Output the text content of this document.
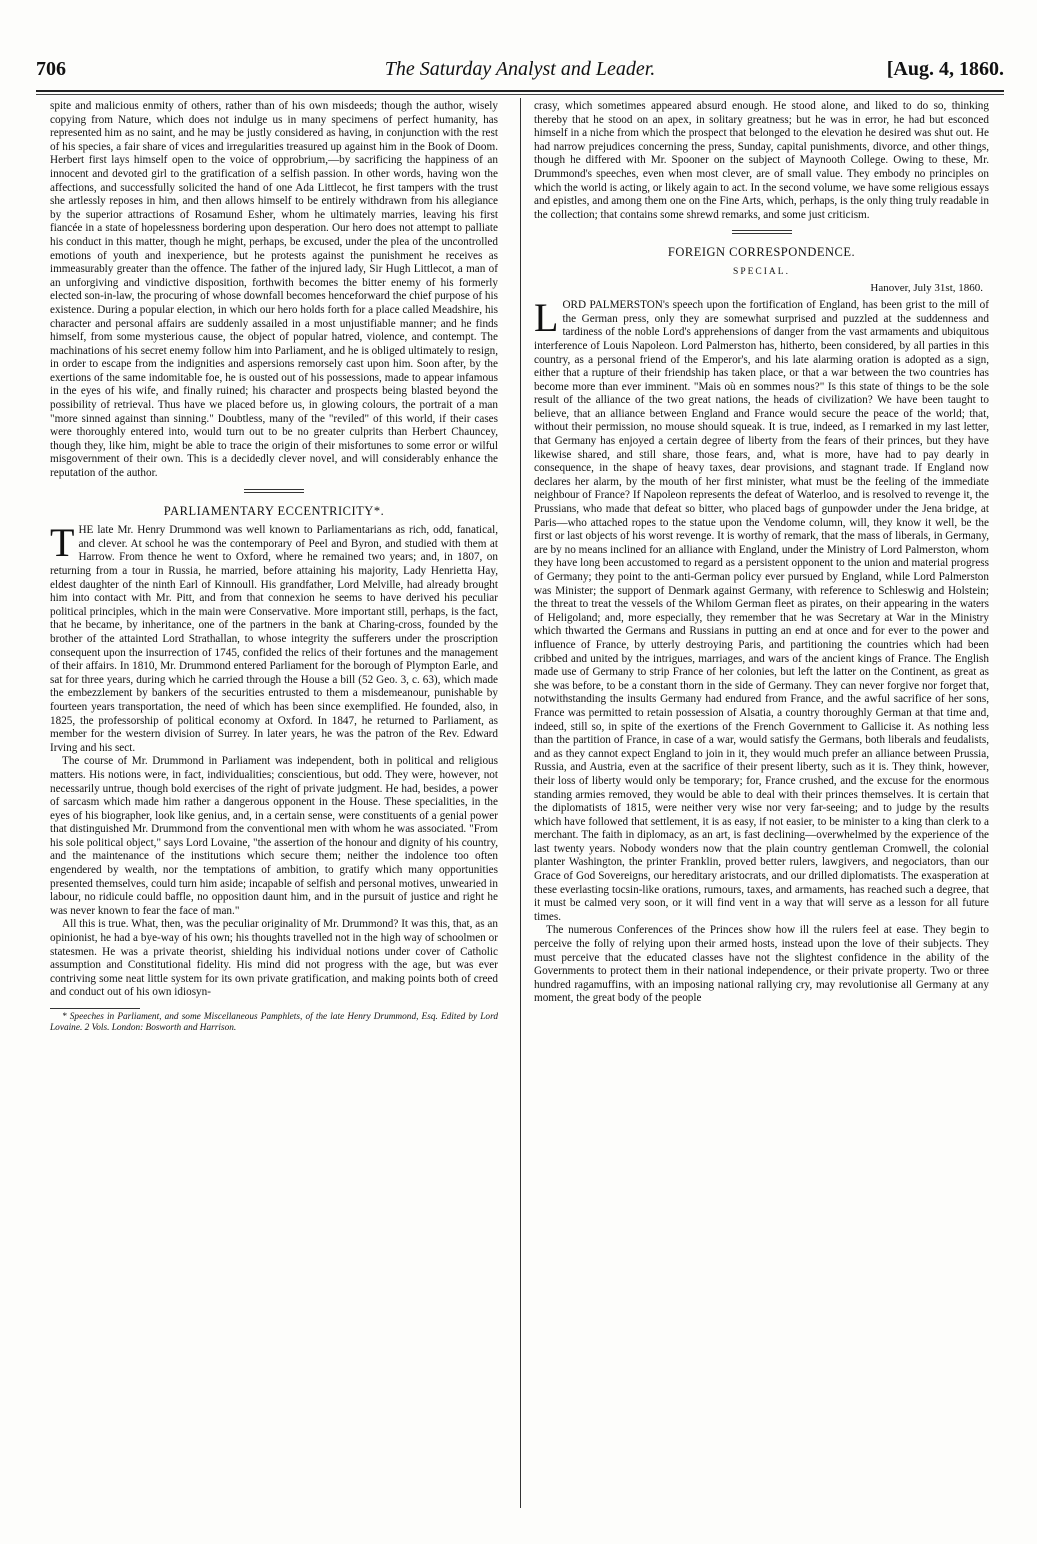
706	The Saturday Analyst and Leader.	[Aug. 4, 1860.

spite and malicious enmity of others, rather than of his own misdeeds; though the author, wisely copying from Nature, which does not indulge us in many specimens of perfect humanity, has represented him as no saint, and he may be justly considered as having, in conjunction with the rest of his species, a fair share of vices and irregularities treasured up against him in the Book of Doom. Herbert first lays himself open to the voice of opprobrium,—by sacrificing the happiness of an innocent and devoted girl to the gratification of a selfish passion. In other words, having won the affections, and successfully solicited the hand of one Ada Littlecot, he first tampers with the trust she artlessly reposes in him, and then allows himself to be entirely withdrawn from his allegiance by the superior attractions of Rosamund Esher, whom he ultimately marries, leaving his first fiancée in a state of hopelessness bordering upon desperation. Our hero does not attempt to palliate his conduct in this matter, though he might, perhaps, be excused, under the plea of the uncontrolled emotions of youth and inexperience, but he protests against the punishment he receives as immeasurably greater than the offence. The father of the injured lady, Sir Hugh Littlecot, a man of an unforgiving and vindictive disposition, forthwith becomes the bitter enemy of his formerly elected son-in-law, the procuring of whose downfall becomes henceforward the chief purpose of his existence. During a popular election, in which our hero holds forth for a place called Meadshire, his character and personal affairs are suddenly assailed in a most unjustifiable manner; and he finds himself, from some mysterious cause, the object of popular hatred, violence, and contempt. The machinations of his secret enemy follow him into Parliament, and he is obliged ultimately to resign, in order to escape from the indignities and aspersions remorsely cast upon him. Soon after, by the exertions of the same indomitable foe, he is ousted out of his possessions, made to appear infamous in the eyes of his wife, and finally ruined; his character and prospects being blasted beyond the possibility of retrieval. Thus have we placed before us, in glowing colours, the portrait of a man "more sinned against than sinning." Doubtless, many of the "reviled" of this world, if their cases were thoroughly entered into, would turn out to be no greater culprits than Herbert Chauncey, though they, like him, might be able to trace the origin of their misfortunes to some error or wilful misgovernment of their own. This is a decidedly clever novel, and will considerably enhance the reputation of the author.

PARLIAMENTARY ECCENTRICITY*.

THE late Mr. Henry Drummond was well known to Parliamentarians as rich, odd, fanatical, and clever. At school he was the contemporary of Peel and Byron, and studied with them at Harrow. From thence he went to Oxford, where he remained two years; and, in 1807, on returning from a tour in Russia, he married, before attaining his majority, Lady Henrietta Hay, eldest daughter of the ninth Earl of Kinnoull. His grandfather, Lord Melville, had already brought him into contact with Mr. Pitt, and from that connexion he seems to have derived his peculiar political principles, which in the main were Conservative. More important still, perhaps, is the fact, that he became, by inheritance, one of the partners in the bank at Charing-cross, founded by the brother of the attainted Lord Strathallan, to whose integrity the sufferers under the proscription consequent upon the insurrection of 1745, confided the relics of their fortunes and the management of their affairs. In 1810, Mr. Drummond entered Parliament for the borough of Plympton Earle, and sat for three years, during which he carried through the House a bill (52 Geo. 3, c. 63), which made the embezzlement by bankers of the securities entrusted to them a misdemeanour, punishable by fourteen years transportation, the need of which has been since exemplified. He founded, also, in 1825, the professorship of political economy at Oxford. In 1847, he returned to Parliament, as member for the western division of Surrey. In later years, he was the patron of the Rev. Edward Irving and his sect.

The course of Mr. Drummond in Parliament was independent, both in political and religious matters. His notions were, in fact, individualities; conscientious, but odd. They were, however, not necessarily untrue, though bold exercises of the right of private judgment. He had, besides, a power of sarcasm which made him rather a dangerous opponent in the House. These specialities, in the eyes of his biographer, look like genius, and, in a certain sense, were constituents of a genial power that distinguished Mr. Drummond from the conventional men with whom he was associated. "From his sole political object," says Lord Lovaine, "the assertion of the honour and dignity of his country, and the maintenance of the institutions which secure them; neither the indolence too often engendered by wealth, nor the temptations of ambition, to gratify which many opportunities presented themselves, could turn him aside; incapable of selfish and personal motives, unwearied in labour, no ridicule could baffle, no opposition daunt him, and in the pursuit of justice and right he was never known to fear the face of man."

All this is true. What, then, was the peculiar originality of Mr. Drummond? It was this, that, as an opinionist, he had a bye-way of his own; his thoughts travelled not in the high way of schoolmen or statesmen. He was a private theorist, shielding his individual notions under cover of Catholic assumption and Constitutional fidelity. His mind did not progress with the age, but was ever contriving some neat little system for its own private gratification, and making points both of creed and conduct out of his own idiosyn-

* Speeches in Parliament, and some Miscellaneous Pamphlets, of the late Henry Drummond, Esq. Edited by Lord Lovaine. 2 Vols. London: Bosworth and Harrison.

crasy, which sometimes appeared absurd enough. He stood alone, and liked to do so, thinking thereby that he stood on an apex, in solitary greatness; but he was in error, he had but esconced himself in a niche from which the prospect that belonged to the elevation he desired was shut out. He had narrow prejudices concerning the press, Sunday, capital punishments, divorce, and other things, though he differed with Mr. Spooner on the subject of Maynooth College. Owing to these, Mr. Drummond's speeches, even when most clever, are of small value. They embody no principles on which the world is acting, or likely again to act. In the second volume, we have some religious essays and epistles, and among them one on the Fine Arts, which, perhaps, is the only thing truly readable in the collection; that contains some shrewd remarks, and some just criticism.

FOREIGN CORRESPONDENCE.
SPECIAL.
Hanover, July 31st, 1860.

LORD PALMERSTON's speech upon the fortification of England, has been grist to the mill of the German press, only they are somewhat surprised and puzzled at the suddenness and tardiness of the noble Lord's apprehensions of danger from the vast armaments and ubiquitous interference of Louis Napoleon. Lord Palmerston has, hitherto, been considered, by all parties in this country, as a personal friend of the Emperor's, and his late alarming oration is adopted as a sign, either that a rupture of their friendship has taken place, or that a war between the two countries has become more than ever imminent. "Mais où en sommes nous?" Is this state of things to be the sole result of the alliance of the two great nations, the heads of civilization? We have been taught to believe, that an alliance between England and France would secure the peace of the world; that, without their permission, no mouse should squeak. It is true, indeed, as I remarked in my last letter, that Germany has enjoyed a certain degree of liberty from the fears of their princes, but they have likewise shared, and still share, those fears, and, what is more, have had to pay dearly in consequence, in the shape of heavy taxes, dear provisions, and stagnant trade. If England now declares her alarm, by the mouth of her first minister, what must be the feeling of the immediate neighbour of France? If Napoleon represents the defeat of Waterloo, and is resolved to revenge it, the Prussians, who made that defeat so bitter, who placed bags of gunpowder under the Jena bridge, at Paris—who attached ropes to the statue upon the Vendome column, will, they know it well, be the first or last objects of his worst revenge. It is worthy of remark, that the mass of liberals, in Germany, are by no means inclined for an alliance with England, under the Ministry of Lord Palmerston, whom they have long been accustomed to regard as a persistent opponent to the union and material progress of Germany; they point to the anti-German policy ever pursued by England, while Lord Palmerston was Minister; the support of Denmark against Germany, with reference to Schleswig and Holstein; the threat to treat the vessels of the Whilom German fleet as pirates, on their appearing in the waters of Heligoland; and, more especially, they remember that he was Secretary at War in the Ministry which thwarted the Germans and Russians in putting an end at once and for ever to the power and influence of France, by utterly destroying Paris, and partitioning the countries which had been cribbed and united by the intrigues, marriages, and wars of the ancient kings of France. The English made use of Germany to strip France of her colonies, but left the latter on the Continent, as great as she was before, to be a constant thorn in the side of Germany. They can never forgive nor forget that, notwithstanding the insults Germany had endured from France, and the awful sacrifice of her sons, France was permitted to retain possession of Alsatia, a country thoroughly German at that time and, indeed, still so, in spite of the exertions of the French Government to Gallicise it. As nothing less than the partition of France, in case of a war, would satisfy the Germans, both liberals and feudalists, and as they cannot expect England to join in it, they would much prefer an alliance between Prussia, Russia, and Austria, even at the sacrifice of their present liberty, such as it is. They think, however, their loss of liberty would only be temporary; for, France crushed, and the excuse for the enormous standing armies removed, they would be able to deal with their princes themselves. It is certain that the diplomatists of 1815, were neither very wise nor very far-seeing; and to judge by the results which have followed that settlement, it is as easy, if not easier, to be minister to a king than clerk to a merchant. The faith in diplomacy, as an art, is fast declining—overwhelmed by the experience of the last twenty years. Nobody wonders now that the plain country gentleman Cromwell, the colonial planter Washington, the printer Franklin, proved better rulers, lawgivers, and negociators, than our Grace of God Sovereigns, our hereditary aristocrats, and our drilled diplomatists. The exasperation at these everlasting tocsin-like orations, rumours, taxes, and armaments, has reached such a degree, that it must be calmed very soon, or it will find vent in a way that will serve as a lesson for all future times.

The numerous Conferences of the Princes show how ill the rulers feel at ease. They begin to perceive the folly of relying upon their armed hosts, instead upon the love of their subjects. They must perceive that the educated classes have not the slightest confidence in the ability of the Governments to protect them in their national independence, or their private property. Two or three hundred ragamuffins, with an imposing national rallying cry, may revolutionise all Germany at any moment, the great body of the people
